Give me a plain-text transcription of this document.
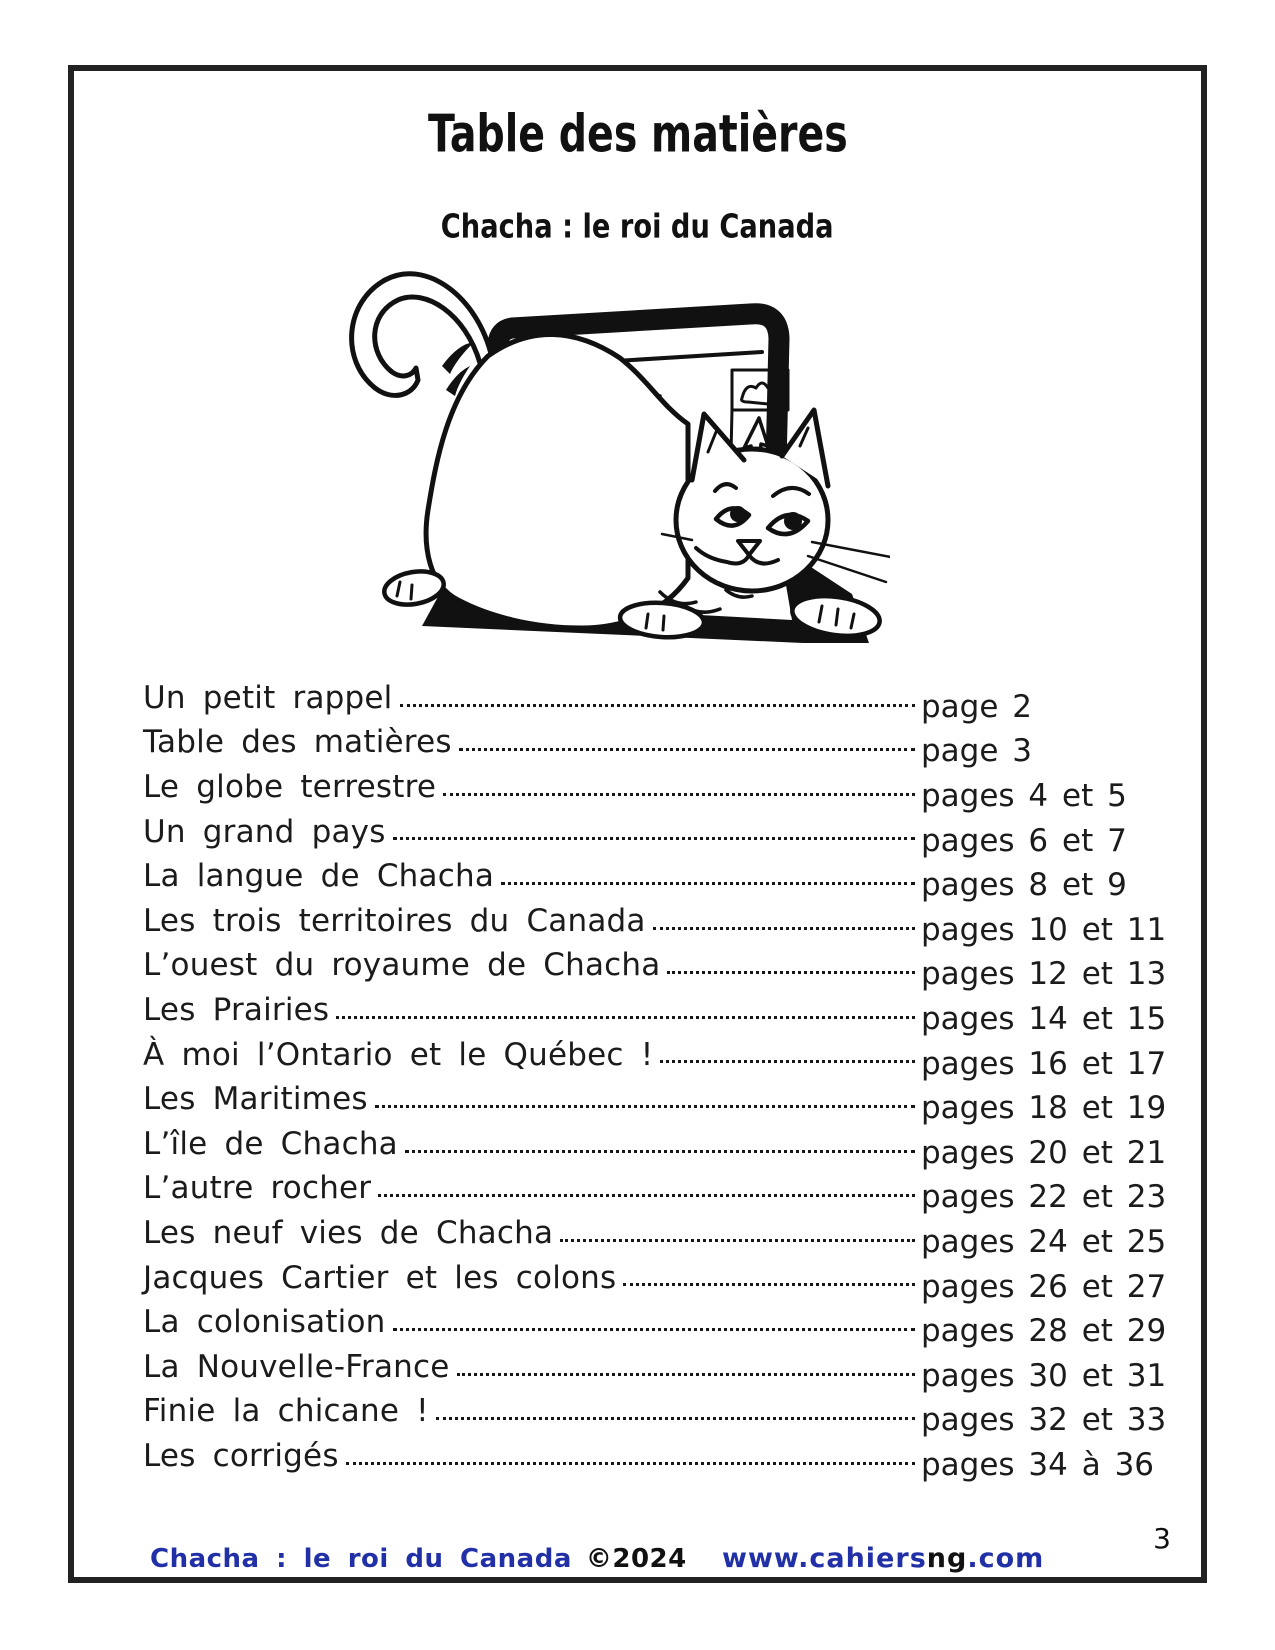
Table des matières
Chacha : le roi du Canada
Un petit rappel	page 2
Table des matières	page 3
Le globe terrestre	pages 4 et 5
Un grand pays	pages 6 et 7
La langue de Chacha	pages 8 et 9
Les trois territoires du Canada	pages 10 et 11
L’ouest du royaume de Chacha	pages 12 et 13
Les Prairies	pages 14 et 15
À moi l’Ontario et le Québec !	pages 16 et 17
Les Maritimes	pages 18 et 19
L’île de Chacha	pages 20 et 21
L’autre rocher	pages 22 et 23
Les neuf vies de Chacha	pages 24 et 25
Jacques Cartier et les colons	pages 26 et 27
La colonisation	pages 28 et 29
La Nouvelle-France	pages 30 et 31
Finie la chicane !	pages 32 et 33
Les corrigés	pages 34 à 36
Chacha : le roi du Canada ©2024 www.cahiersng.com
3
